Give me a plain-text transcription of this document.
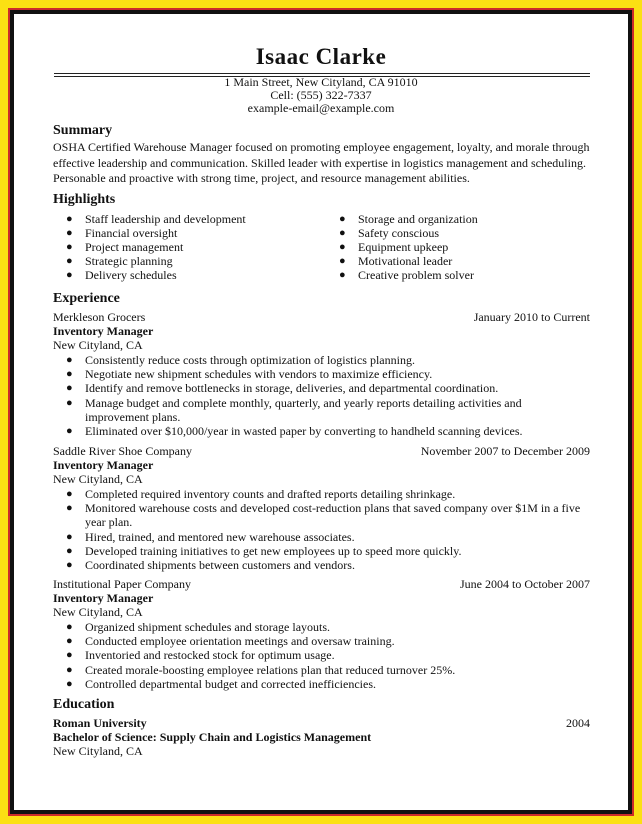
Isaac Clarke
1 Main Street, New Cityland, CA 91010
Cell: (555) 322-7337
example-email@example.com
Summary
OSHA Certified Warehouse Manager focused on promoting employee engagement, loyalty, and morale through effective leadership and communication. Skilled leader with expertise in logistics management and scheduling. Personable and proactive with strong time, project, and resource management abilities.
Highlights
● Staff leadership and development
● Financial oversight
● Project management
● Strategic planning
● Delivery schedules
● Storage and organization
● Safety conscious
● Equipment upkeep
● Motivational leader
● Creative problem solver
Experience
Merkleson Grocers	January 2010 to Current
Inventory Manager
New Cityland, CA
● Consistently reduce costs through optimization of logistics planning.
● Negotiate new shipment schedules with vendors to maximize efficiency.
● Identify and remove bottlenecks in storage, deliveries, and departmental coordination.
● Manage budget and complete monthly, quarterly, and yearly reports detailing activities and improvement plans.
● Eliminated over $10,000/year in wasted paper by converting to handheld scanning devices.
Saddle River Shoe Company	November 2007 to December 2009
Inventory Manager
New Cityland, CA
● Completed required inventory counts and drafted reports detailing shrinkage.
● Monitored warehouse costs and developed cost-reduction plans that saved company over $1M in a five year plan.
● Hired, trained, and mentored new warehouse associates.
● Developed training initiatives to get new employees up to speed more quickly.
● Coordinated shipments between customers and vendors.
Institutional Paper Company	June 2004 to October 2007
Inventory Manager
New Cityland, CA
● Organized shipment schedules and storage layouts.
● Conducted employee orientation meetings and oversaw training.
● Inventoried and restocked stock for optimum usage.
● Created morale-boosting employee relations plan that reduced turnover 25%.
● Controlled departmental budget and corrected inefficiencies.
Education
Roman University	2004
Bachelor of Science: Supply Chain and Logistics Management
New Cityland, CA
